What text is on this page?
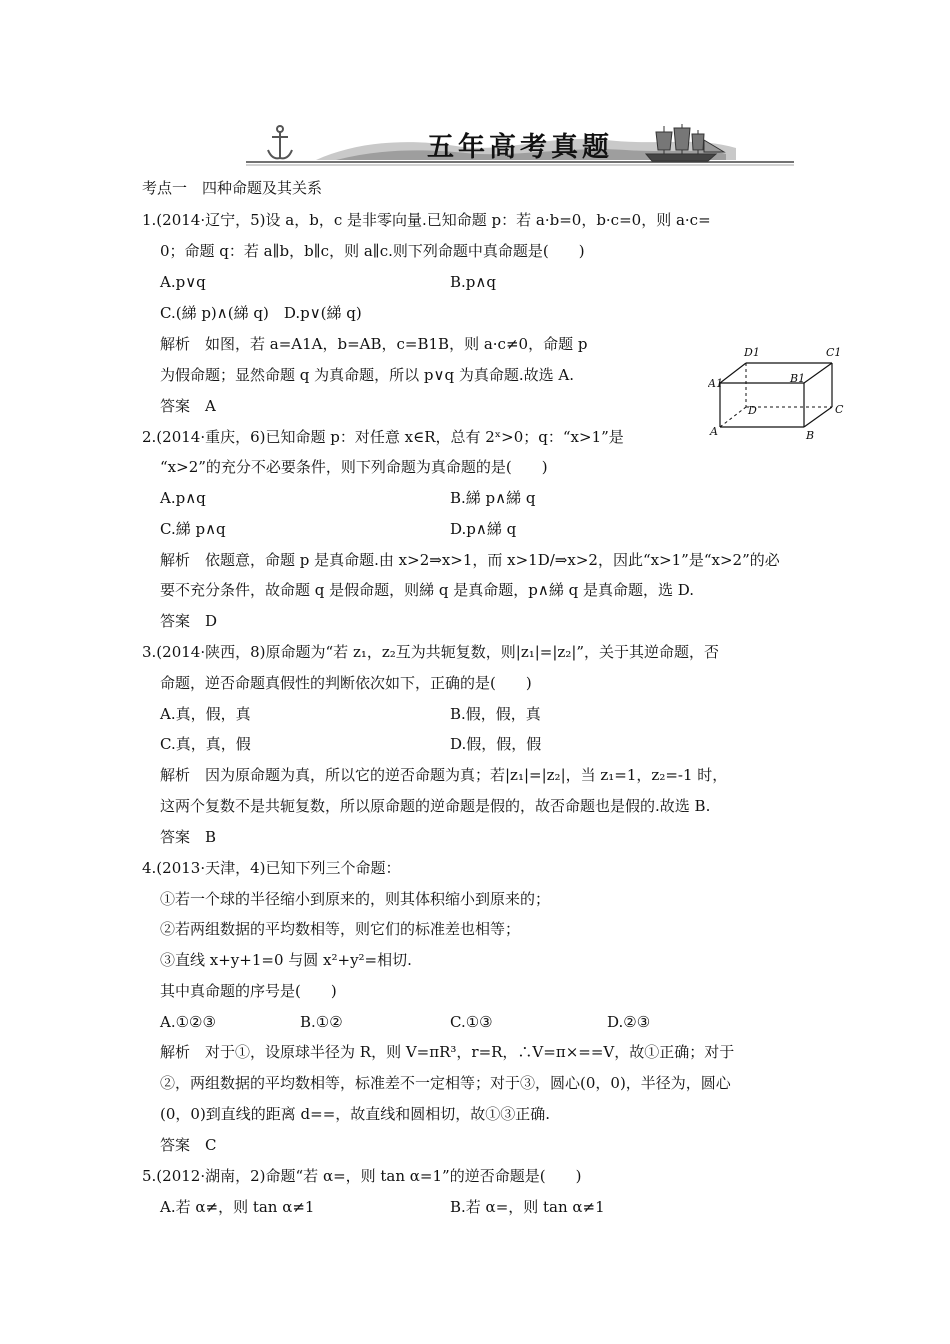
五年高考真题
考点一　四种命题及其关系
1.(2014·辽宁，5)设 a，b，c 是非零向量.已知命题 p：若 a·b=0，b·c=0，则 a·c=
0；命题 q：若 a∥b，b∥c，则 a∥c.则下列命题中真命题是(　　)
A.p∨q	B.p∧q
C.(綈 p)∧(綈 q)　D.p∨(綈 q)
解析　如图，若 a=A1A，b=AB，c=B1B，则 a·c≠0，命题 p
为假命题；显然命题 q 为真命题，所以 p∨q 为真命题.故选 A.
答案　A
D1	C1
A1	B1
D	C
A	B
2.(2014·重庆，6)已知命题 p：对任意 x∈R，总有 2ˣ>0；q：“x>1”是
“x>2”的充分不必要条件，则下列命题为真命题的是(　　)
A.p∧q	B.綈 p∧綈 q
C.綈 p∧q	D.p∧綈 q
解析　依题意，命题 p 是真命题.由 x>2⇒x>1，而 x>1D/⇒x>2，因此“x>1”是“x>2”的必
要不充分条件，故命题 q 是假命题，则綈 q 是真命题，p∧綈 q 是真命题，选 D.
答案　D
3.(2014·陕西，8)原命题为“若 z₁，z₂互为共轭复数，则|z₁|=|z₂|”，关于其逆命题，否
命题，逆否命题真假性的判断依次如下，正确的是(　　)
A.真，假，真	B.假，假，真
C.真，真，假	D.假，假，假
解析　因为原命题为真，所以它的逆否命题为真；若|z₁|=|z₂|，当 z₁=1，z₂=-1 时，
这两个复数不是共轭复数，所以原命题的逆命题是假的，故否命题也是假的.故选 B.
答案　B
4.(2013·天津，4)已知下列三个命题：
①若一个球的半径缩小到原来的，则其体积缩小到原来的；
②若两组数据的平均数相等，则它们的标准差也相等；
③直线 x+y+1=0 与圆 x²+y²=相切.
其中真命题的序号是(　　)
A.①②③	B.①②	C.①③	D.②③
解析　对于①，设原球半径为 R，则 V=πR³，r=R，∴V=π×==V，故①正确；对于
②，两组数据的平均数相等，标准差不一定相等；对于③，圆心(0，0)，半径为，圆心
(0，0)到直线的距离 d==，故直线和圆相切，故①③正确.
答案　C
5.(2012·湖南，2)命题“若 α=，则 tan α=1”的逆否命题是(　　)
A.若 α≠，则 tan α≠1	B.若 α=，则 tan α≠1
